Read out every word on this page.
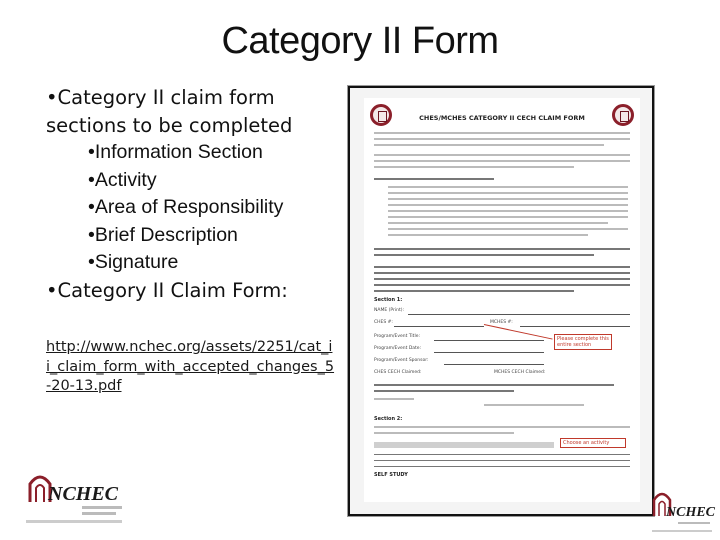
Category II Form
•Category II claim form sections to be completed
•Information Section
•Activity
•Area of Responsibility
•Brief Description
•Signature
•Category II Claim Form:
http://www.nchec.org/assets/2251/cat_ii_claim_form_with_accepted_changes_5-20-13.pdf
NCHEC
CHES/MCHES CATEGORY II CECH CLAIM FORM
Section 1:
NAME (Print):
CHES #:	MCHES #:
Program/Event Title:
Program/Event Date:
Program/Event Sponsor:
CHES CECH Claimed:	MCHES CECH Claimed:
Please complete this entire section
Section 2:
Choose an activity
SELF STUDY
NCHEC
